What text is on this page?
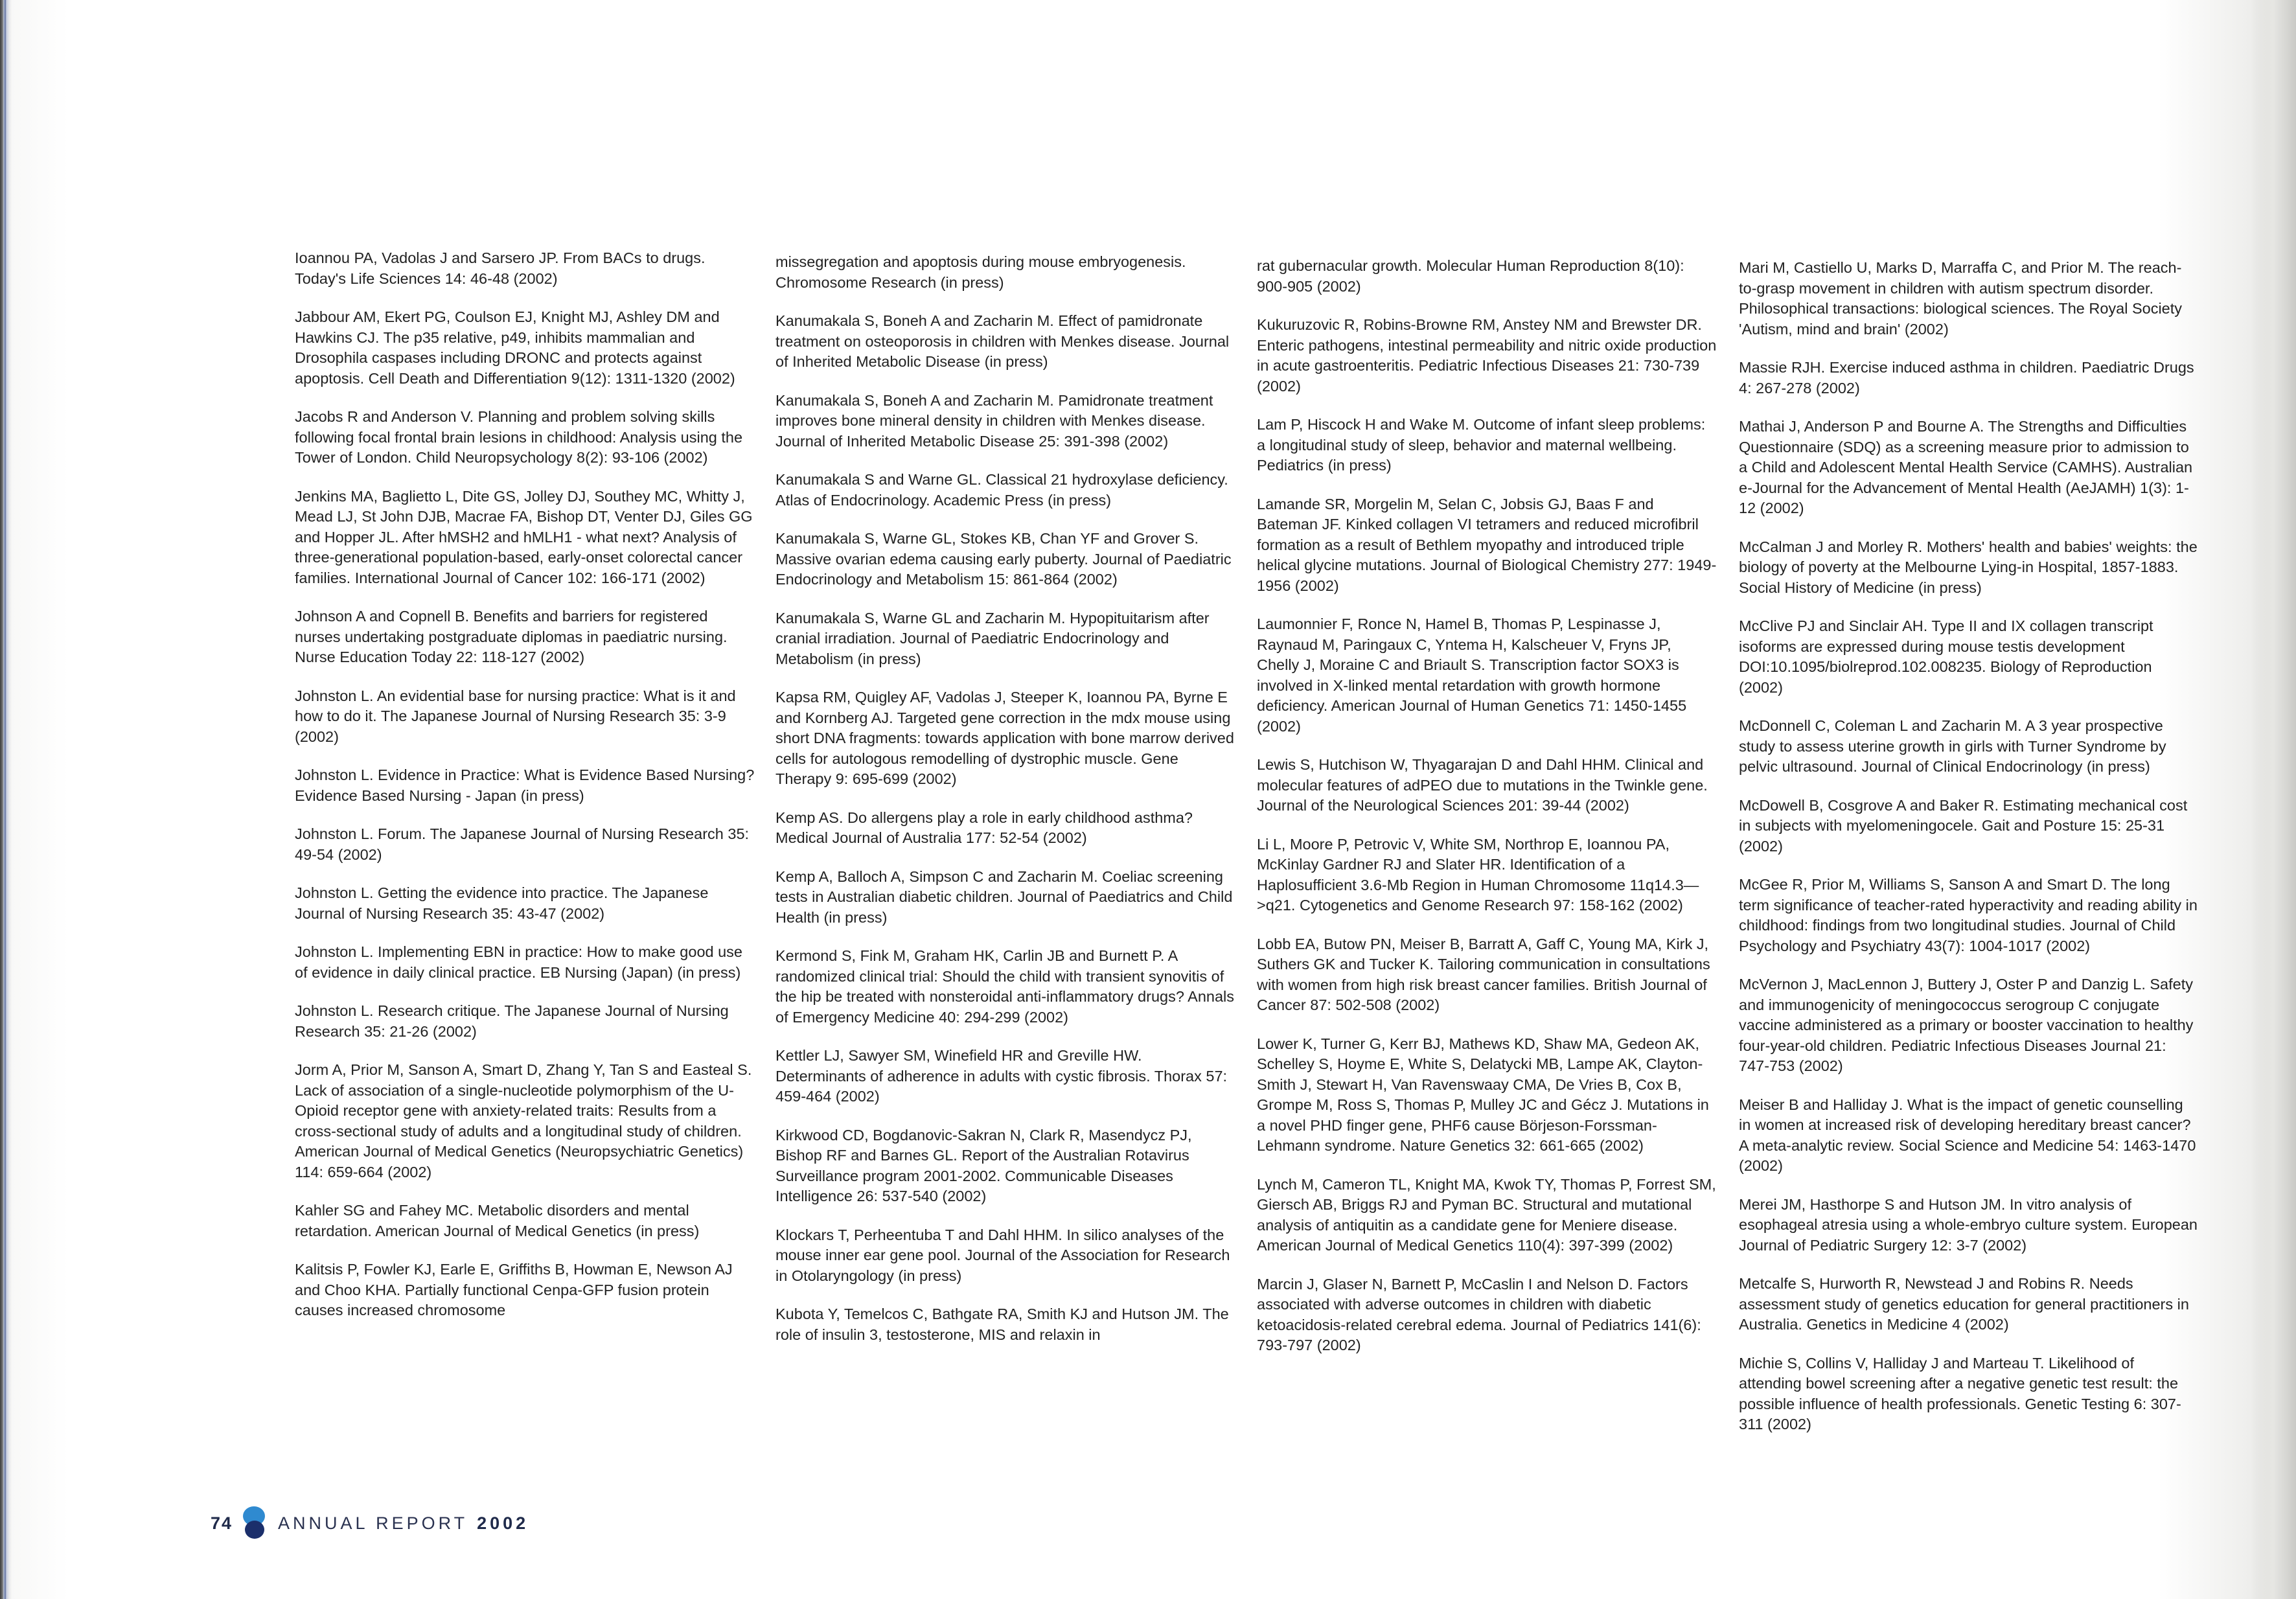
Ioannou PA, Vadolas J and Sarsero JP. From BACs to drugs. Today's Life Sciences 14: 46-48 (2002)

Jabbour AM, Ekert PG, Coulson EJ, Knight MJ, Ashley DM and Hawkins CJ. The p35 relative, p49, inhibits mammalian and Drosophila caspases including DRONC and protects against apoptosis. Cell Death and Differentiation 9(12): 1311-1320 (2002)

Jacobs R and Anderson V. Planning and problem solving skills following focal frontal brain lesions in childhood: Analysis using the Tower of London. Child Neuropsychology 8(2): 93-106 (2002)

Jenkins MA, Baglietto L, Dite GS, Jolley DJ, Southey MC, Whitty J, Mead LJ, St John DJB, Macrae FA, Bishop DT, Venter DJ, Giles GG and Hopper JL. After hMSH2 and hMLH1 - what next? Analysis of three-generational population-based, early-onset colorectal cancer families. International Journal of Cancer 102: 166-171 (2002)

Johnson A and Copnell B. Benefits and barriers for registered nurses undertaking postgraduate diplomas in paediatric nursing. Nurse Education Today 22: 118-127 (2002)

Johnston L. An evidential base for nursing practice: What is it and how to do it. The Japanese Journal of Nursing Research 35: 3-9 (2002)

Johnston L. Evidence in Practice: What is Evidence Based Nursing? Evidence Based Nursing - Japan (in press)

Johnston L. Forum. The Japanese Journal of Nursing Research 35: 49-54 (2002)

Johnston L. Getting the evidence into practice. The Japanese Journal of Nursing Research 35: 43-47 (2002)

Johnston L. Implementing EBN in practice: How to make good use of evidence in daily clinical practice. EB Nursing (Japan) (in press)

Johnston L. Research critique. The Japanese Journal of Nursing Research 35: 21-26 (2002)

Jorm A, Prior M, Sanson A, Smart D, Zhang Y, Tan S and Easteal S. Lack of association of a single-nucleotide polymorphism of the U-Opioid receptor gene with anxiety-related traits: Results from a cross-sectional study of adults and a longitudinal study of children. American Journal of Medical Genetics (Neuropsychiatric Genetics) 114: 659-664 (2002)

Kahler SG and Fahey MC. Metabolic disorders and mental retardation. American Journal of Medical Genetics (in press)

Kalitsis P, Fowler KJ, Earle E, Griffiths B, Howman E, Newson AJ and Choo KHA. Partially functional Cenpa-GFP fusion protein causes increased chromosome

missegregation and apoptosis during mouse embryogenesis. Chromosome Research (in press)

Kanumakala S, Boneh A and Zacharin M. Effect of pamidronate treatment on osteoporosis in children with Menkes disease. Journal of Inherited Metabolic Disease (in press)

Kanumakala S, Boneh A and Zacharin M. Pamidronate treatment improves bone mineral density in children with Menkes disease. Journal of Inherited Metabolic Disease 25: 391-398 (2002)

Kanumakala S and Warne GL. Classical 21 hydroxylase deficiency. Atlas of Endocrinology. Academic Press (in press)

Kanumakala S, Warne GL, Stokes KB, Chan YF and Grover S. Massive ovarian edema causing early puberty. Journal of Paediatric Endocrinology and Metabolism 15: 861-864 (2002)

Kanumakala S, Warne GL and Zacharin M. Hypopituitarism after cranial irradiation. Journal of Paediatric Endocrinology and Metabolism (in press)

Kapsa RM, Quigley AF, Vadolas J, Steeper K, Ioannou PA, Byrne E and Kornberg AJ. Targeted gene correction in the mdx mouse using short DNA fragments: towards application with bone marrow derived cells for autologous remodelling of dystrophic muscle. Gene Therapy 9: 695-699 (2002)

Kemp AS. Do allergens play a role in early childhood asthma? Medical Journal of Australia 177: 52-54 (2002)

Kemp A, Balloch A, Simpson C and Zacharin M. Coeliac screening tests in Australian diabetic children. Journal of Paediatrics and Child Health (in press)

Kermond S, Fink M, Graham HK, Carlin JB and Burnett P. A randomized clinical trial: Should the child with transient synovitis of the hip be treated with nonsteroidal anti-inflammatory drugs? Annals of Emergency Medicine 40: 294-299 (2002)

Kettler LJ, Sawyer SM, Winefield HR and Greville HW. Determinants of adherence in adults with cystic fibrosis. Thorax 57: 459-464 (2002)

Kirkwood CD, Bogdanovic-Sakran N, Clark R, Masendycz PJ, Bishop RF and Barnes GL. Report of the Australian Rotavirus Surveillance program 2001-2002. Communicable Diseases Intelligence 26: 537-540 (2002)

Klockars T, Perheentuba T and Dahl HHM. In silico analyses of the mouse inner ear gene pool. Journal of the Association for Research in Otolaryngology (in press)

Kubota Y, Temelcos C, Bathgate RA, Smith KJ and Hutson JM. The role of insulin 3, testosterone, MIS and relaxin in

rat gubernacular growth. Molecular Human Reproduction 8(10): 900-905 (2002)

Kukuruzovic R, Robins-Browne RM, Anstey NM and Brewster DR. Enteric pathogens, intestinal permeability and nitric oxide production in acute gastroenteritis. Pediatric Infectious Diseases 21: 730-739 (2002)

Lam P, Hiscock H and Wake M. Outcome of infant sleep problems: a longitudinal study of sleep, behavior and maternal wellbeing. Pediatrics (in press)

Lamande SR, Morgelin M, Selan C, Jobsis GJ, Baas F and Bateman JF. Kinked collagen VI tetramers and reduced microfibril formation as a result of Bethlem myopathy and introduced triple helical glycine mutations. Journal of Biological Chemistry 277: 1949-1956 (2002)

Laumonnier F, Ronce N, Hamel B, Thomas P, Lespinasse J, Raynaud M, Paringaux C, Yntema H, Kalscheuer V, Fryns JP, Chelly J, Moraine C and Briault S. Transcription factor SOX3 is involved in X-linked mental retardation with growth hormone deficiency. American Journal of Human Genetics 71: 1450-1455 (2002)

Lewis S, Hutchison W, Thyagarajan D and Dahl HHM. Clinical and molecular features of adPEO due to mutations in the Twinkle gene. Journal of the Neurological Sciences 201: 39-44 (2002)

Li L, Moore P, Petrovic V, White SM, Northrop E, Ioannou PA, McKinlay Gardner RJ and Slater HR. Identification of a Haplosufficient 3.6-Mb Region in Human Chromosome 11q14.3—>q21. Cytogenetics and Genome Research 97: 158-162 (2002)

Lobb EA, Butow PN, Meiser B, Barratt A, Gaff C, Young MA, Kirk J, Suthers GK and Tucker K. Tailoring communication in consultations with women from high risk breast cancer families. British Journal of Cancer 87: 502-508 (2002)

Lower K, Turner G, Kerr BJ, Mathews KD, Shaw MA, Gedeon AK, Schelley S, Hoyme E, White S, Delatycki MB, Lampe AK, Clayton-Smith J, Stewart H, Van Ravenswaay CMA, De Vries B, Cox B, Grompe M, Ross S, Thomas P, Mulley JC and Gécz J. Mutations in a novel PHD finger gene, PHF6 cause Börjeson-Forssman-Lehmann syndrome. Nature Genetics 32: 661-665 (2002)

Lynch M, Cameron TL, Knight MA, Kwok TY, Thomas P, Forrest SM, Giersch AB, Briggs RJ and Pyman BC. Structural and mutational analysis of antiquitin as a candidate gene for Meniere disease. American Journal of Medical Genetics 110(4): 397-399 (2002)

Marcin J, Glaser N, Barnett P, McCaslin I and Nelson D. Factors associated with adverse outcomes in children with diabetic ketoacidosis-related cerebral edema. Journal of Pediatrics 141(6): 793-797 (2002)

Mari M, Castiello U, Marks D, Marraffa C, and Prior M. The reach-to-grasp movement in children with autism spectrum disorder. Philosophical transactions: biological sciences. The Royal Society 'Autism, mind and brain' (2002)

Massie RJH. Exercise induced asthma in children. Paediatric Drugs 4: 267-278 (2002)

Mathai J, Anderson P and Bourne A. The Strengths and Difficulties Questionnaire (SDQ) as a screening measure prior to admission to a Child and Adolescent Mental Health Service (CAMHS). Australian e-Journal for the Advancement of Mental Health (AeJAMH) 1(3): 1-12 (2002)

McCalman J and Morley R. Mothers' health and babies' weights: the biology of poverty at the Melbourne Lying-in Hospital, 1857-1883. Social History of Medicine (in press)

McClive PJ and Sinclair AH. Type II and IX collagen transcript isoforms are expressed during mouse testis development DOI:10.1095/biolreprod.102.008235. Biology of Reproduction (2002)

McDonnell C, Coleman L and Zacharin M. A 3 year prospective study to assess uterine growth in girls with Turner Syndrome by pelvic ultrasound. Journal of Clinical Endocrinology (in press)

McDowell B, Cosgrove A and Baker R. Estimating mechanical cost in subjects with myelomeningocele. Gait and Posture 15: 25-31 (2002)

McGee R, Prior M, Williams S, Sanson A and Smart D. The long term significance of teacher-rated hyperactivity and reading ability in childhood: findings from two longitudinal studies. Journal of Child Psychology and Psychiatry 43(7): 1004-1017 (2002)

McVernon J, MacLennon J, Buttery J, Oster P and Danzig L. Safety and immunogenicity of meningococcus serogroup C conjugate vaccine administered as a primary or booster vaccination to healthy four-year-old children. Pediatric Infectious Diseases Journal 21: 747-753 (2002)

Meiser B and Halliday J. What is the impact of genetic counselling in women at increased risk of developing hereditary breast cancer? A meta-analytic review. Social Science and Medicine 54: 1463-1470 (2002)

Merei JM, Hasthorpe S and Hutson JM. In vitro analysis of esophageal atresia using a whole-embryo culture system. European Journal of Pediatric Surgery 12: 3-7 (2002)

Metcalfe S, Hurworth R, Newstead J and Robins R. Needs assessment study of genetics education for general practitioners in Australia. Genetics in Medicine 4 (2002)

Michie S, Collins V, Halliday J and Marteau T. Likelihood of attending bowel screening after a negative genetic test result: the possible influence of health professionals. Genetic Testing 6: 307-311 (2002)

74	ANNUAL REPORT 2002
